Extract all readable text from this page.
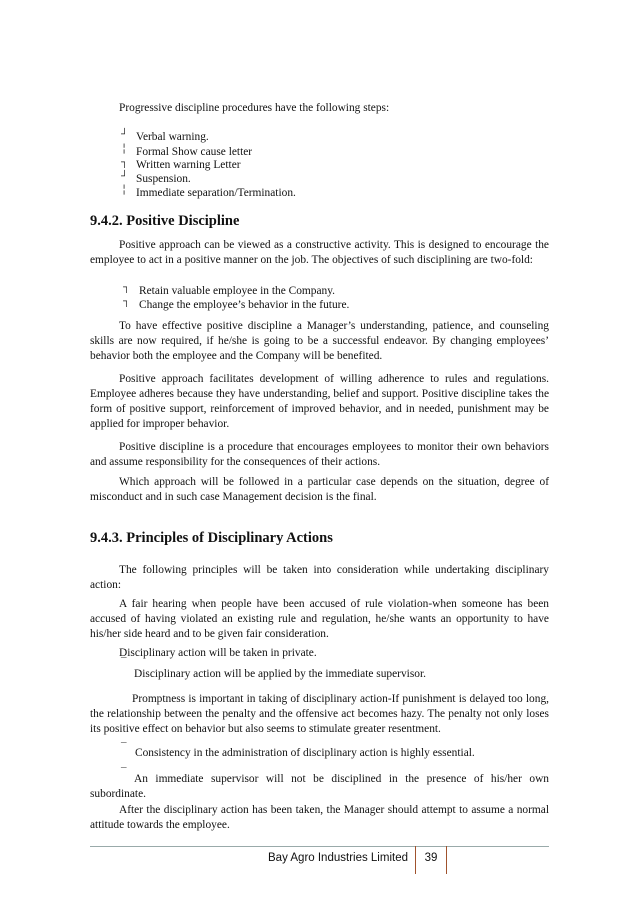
Progressive discipline procedures have the following steps:
┘ Verbal warning.
╎ Formal Show cause letter
┐ Written warning Letter
┘ Suspension.
╎ Immediate separation/Termination.
9.4.2. Positive Discipline
Positive approach can be viewed as a constructive activity. This is designed to encourage the employee to act in a positive manner on the job. The objectives of such disciplining are two-fold:
┐ Retain valuable employee in the Company.
┐ Change the employee’s behavior in the future.
To have effective positive discipline a Manager’s understanding, patience, and counseling skills are now required, if he/she is going to be a successful endeavor. By changing employees’ behavior both the employee and the Company will be benefited.
Positive approach facilitates development of willing adherence to rules and regulations. Employee adheres because they have understanding, belief and support. Positive discipline takes the form of positive support, reinforcement of improved behavior, and in needed, punishment may be applied for improper behavior.
Positive discipline is a procedure that encourages employees to monitor their own behaviors and assume responsibility for the consequences of their actions.
Which approach will be followed in a particular case depends on the situation, degree of misconduct and in such case Management decision is the final.
9.4.3. Principles of Disciplinary Actions
The following principles will be taken into consideration while undertaking disciplinary action:
A fair hearing when people have been accused of rule violation-when someone has been accused of having violated an existing rule and regulation, he/she wants an opportunity to have his/her side heard and to be given fair consideration.
Disciplinary action will be taken in private.
¯
Disciplinary action will be applied by the immediate supervisor.
Promptness is important in taking of disciplinary action-If punishment is delayed too long, the relationship between the penalty and the offensive act becomes hazy. The penalty not only loses its positive effect on behavior but also seems to stimulate greater resentment.
¯ Consistency in the administration of disciplinary action is highly essential.
¯
An immediate supervisor will not be disciplined in the presence of his/her own subordinate.
After the disciplinary action has been taken, the Manager should attempt to assume a normal attitude towards the employee.
Bay Agro Industries Limited	39
